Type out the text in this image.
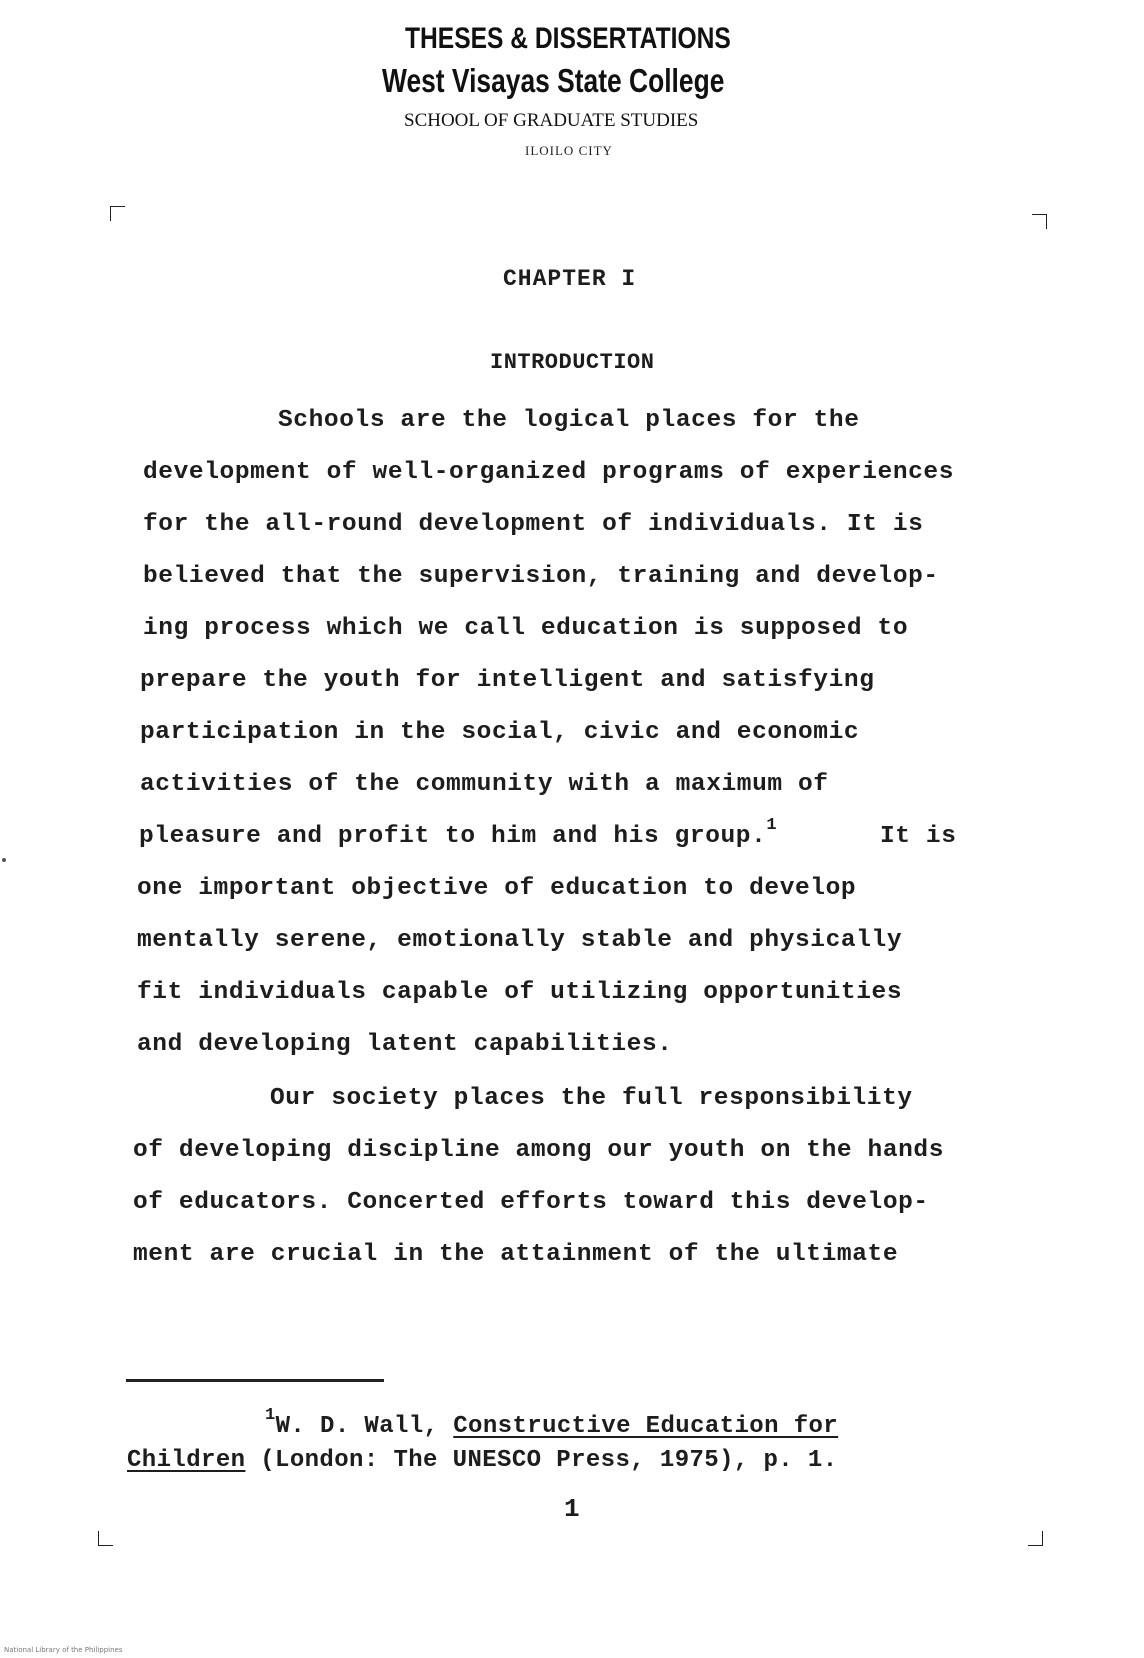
THESES & DISSERTATIONS
West Visayas State College
SCHOOL OF GRADUATE STUDIES
ILOILO CITY
CHAPTER I
INTRODUCTION
Schools are the logical places for the
development of well-organized programs of experiences
for the all-round development of individuals. It is
believed that the supervision, training and develop-
ing process which we call education is supposed to
prepare the youth for intelligent and satisfying
participation in the social, civic and economic
activities of the community with a maximum of
pleasure and profit to him and his group.$^1$	It is
one important objective of education to develop
mentally serene, emotionally stable and physically
fit individuals capable of utilizing opportunities
and developing latent capabilities.
Our society places the full responsibility
of developing discipline among our youth on the hands
of educators. Concerted efforts toward this develop-
ment are crucial in the attainment of the ultimate
$^1$W. D. Wall, Constructive Education for
Children (London: The UNESCO Press, 1975), p. 1.
1
National Library of the Philippines
